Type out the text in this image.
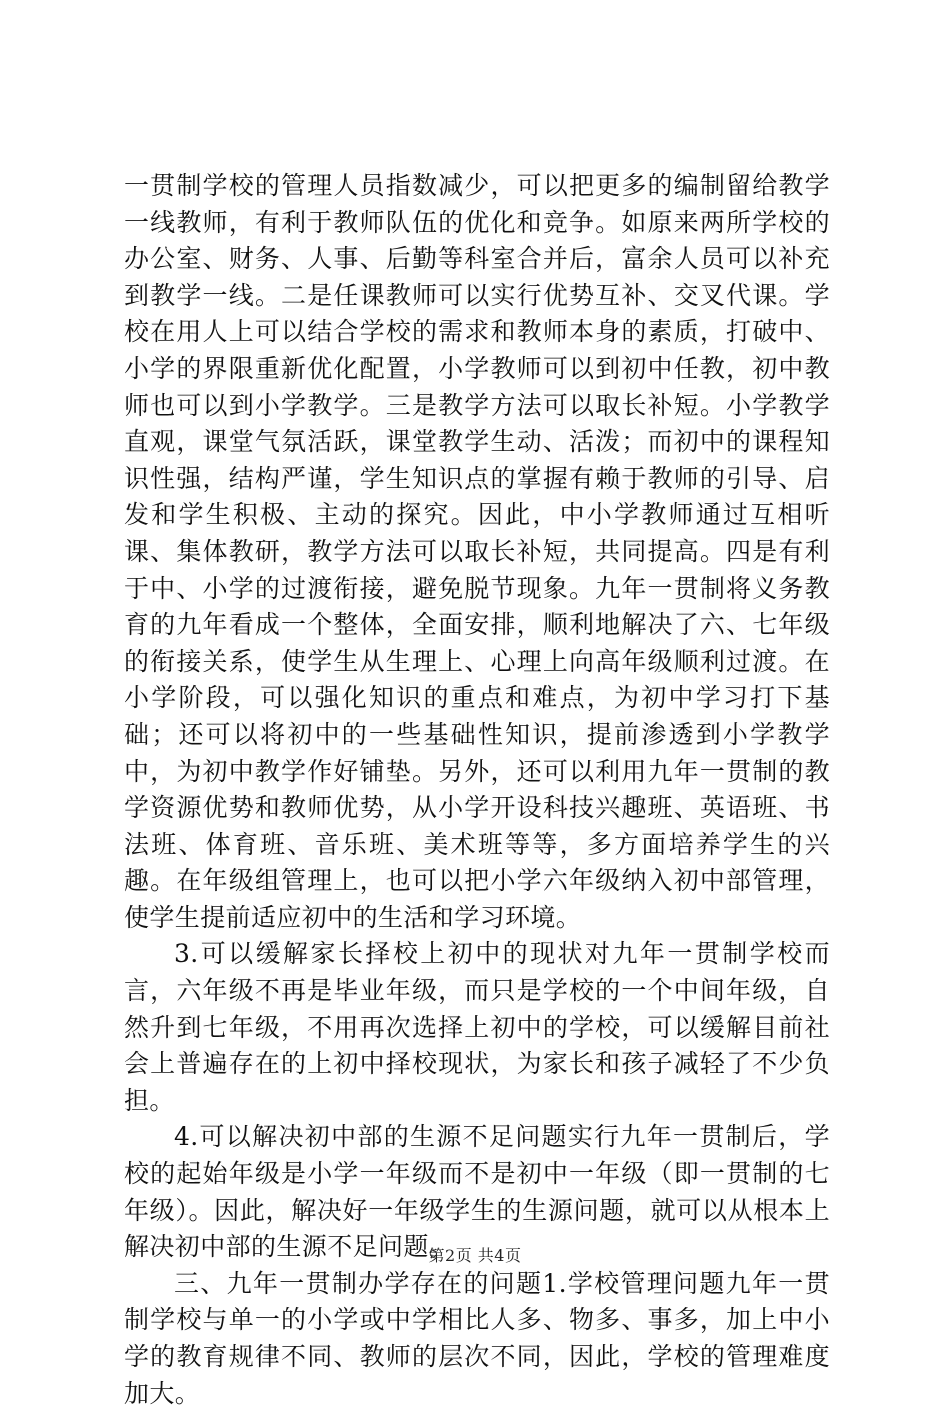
一贯制学校的管理人员指数减少，可以把更多的编制留给教学一线教师，有利于教师队伍的优化和竞争。如原来两所学校的办公室、财务、人事、后勤等科室合并后，富余人员可以补充到教学一线。二是任课教师可以实行优势互补、交叉代课。学校在用人上可以结合学校的需求和教师本身的素质，打破中、小学的界限重新优化配置，小学教师可以到初中任教，初中教师也可以到小学教学。三是教学方法可以取长补短。小学教学直观，课堂气氛活跃，课堂教学生动、活泼；而初中的课程知识性强，结构严谨，学生知识点的掌握有赖于教师的引导、启发和学生积极、主动的探究。因此，中小学教师通过互相听课、集体教研，教学方法可以取长补短，共同提高。四是有利于中、小学的过渡衔接，避免脱节现象。九年一贯制将义务教育的九年看成一个整体，全面安排，顺利地解决了六、七年级的衔接关系，使学生从生理上、心理上向高年级顺利过渡。在小学阶段，可以强化知识的重点和难点，为初中学习打下基础；还可以将初中的一些基础性知识，提前渗透到小学教学中，为初中教学作好铺垫。另外，还可以利用九年一贯制的教学资源优势和教师优势，从小学开设科技兴趣班、英语班、书法班、体育班、音乐班、美术班等等，多方面培养学生的兴趣。在年级组管理上，也可以把小学六年级纳入初中部管理，使学生提前适应初中的生活和学习环境。

3.可以缓解家长择校上初中的现状对九年一贯制学校而言，六年级不再是毕业年级，而只是学校的一个中间年级，自然升到七年级，不用再次选择上初中的学校，可以缓解目前社会上普遍存在的上初中择校现状，为家长和孩子减轻了不少负担。

4.可以解决初中部的生源不足问题实行九年一贯制后，学校的起始年级是小学一年级而不是初中一年级（即一贯制的七年级）。因此，解决好一年级学生的生源问题，就可以从根本上解决初中部的生源不足问题。

三、九年一贯制办学存在的问题1.学校管理问题九年一贯制学校与单一的小学或中学相比人多、物多、事多，加上中小学的教育规律不同、教师的层次不同，因此，学校的管理难度加大。

第2页 共4页
